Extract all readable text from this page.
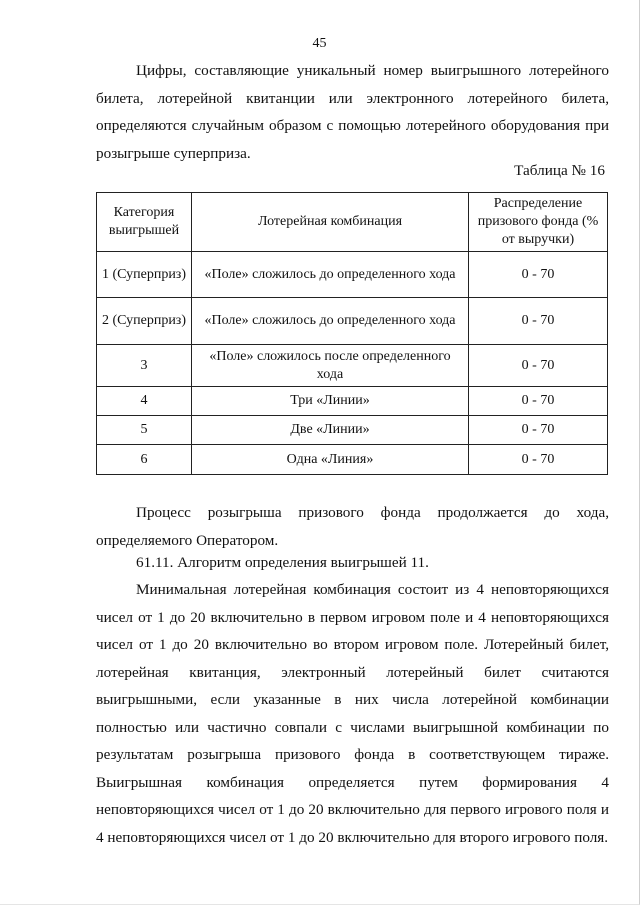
45

Цифры, составляющие уникальный номер выигрышного лотерейного билета, лотерейной квитанции или электронного лотерейного билета, определяются случайным образом с помощью лотерейного оборудования при розыгрыше суперприза.

Таблица № 16
Категория выигрышей	Лотерейная комбинация	Распределение призового фонда (% от выручки)
1 (Суперприз)	«Поле» сложилось до определенного хода	0 - 70
2 (Суперприз)	«Поле» сложилось до определенного хода	0 - 70
3	«Поле» сложилось после определенного хода	0 - 70
4	Три «Линии»	0 - 70
5	Две «Линии»	0 - 70
6	Одна «Линия»	0 - 70

Процесс розыгрыша призового фонда продолжается до хода, определяемого Оператором.

61.11. Алгоритм определения выигрышей 11.

Минимальная лотерейная комбинация состоит из 4 неповторяющихся чисел от 1 до 20 включительно в первом игровом поле и 4 неповторяющихся чисел от 1 до 20 включительно во втором игровом поле. Лотерейный билет, лотерейная квитанция, электронный лотерейный билет считаются выигрышными, если указанные в них числа лотерейной комбинации полностью или частично совпали с числами выигрышной комбинации по результатам розыгрыша призового фонда в соответствующем тираже. Выигрышная комбинация определяется путем формирования 4 неповторяющихся чисел от 1 до 20 включительно для первого игрового поля и 4 неповторяющихся чисел от 1 до 20 включительно для второго игрового поля.
